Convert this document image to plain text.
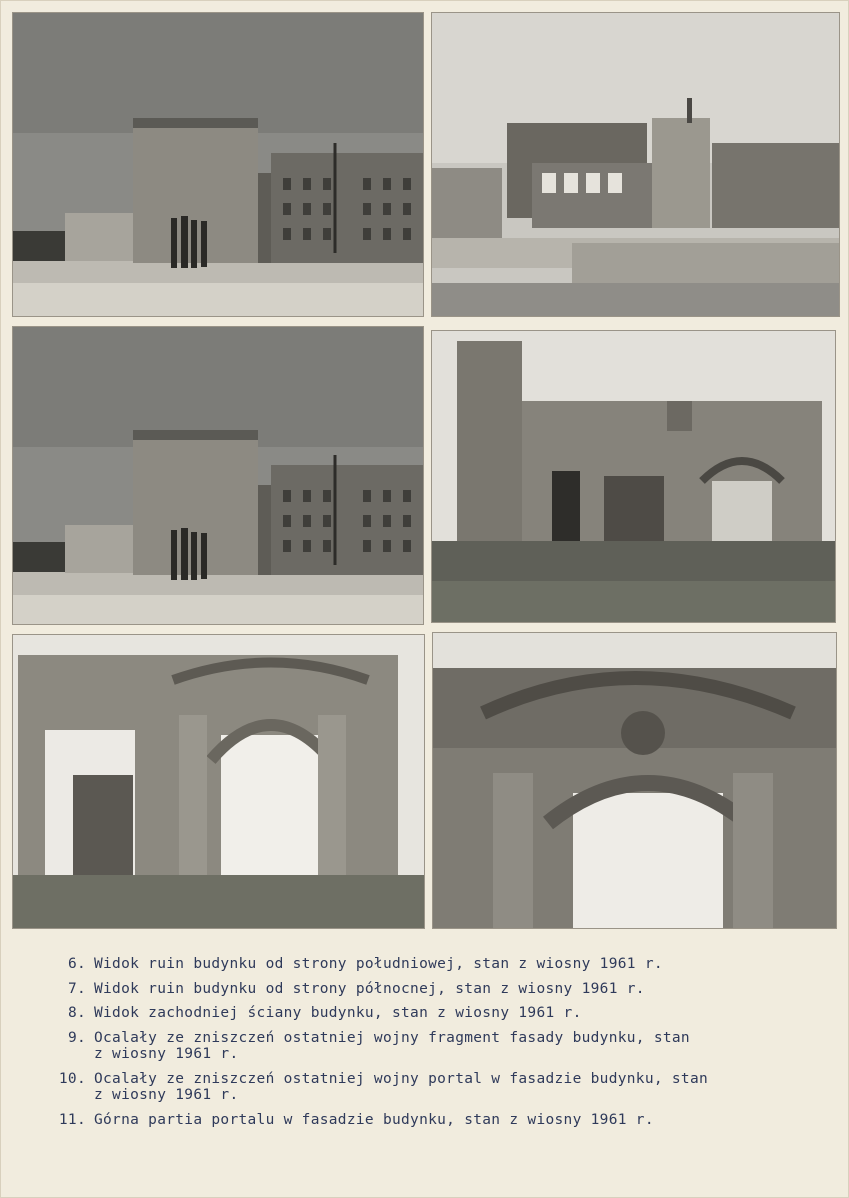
6. Widok ruin budynku od strony południowej, stan z wiosny 1961 r.
7. Widok ruin budynku od strony północnej, stan z wiosny 1961 r.
8. Widok zachodniej ściany budynku, stan z wiosny 1961 r.
9. Ocalały ze zniszczeń ostatniej wojny fragment fasady budynku, stan
z wiosny 1961 r.
10. Ocalały ze zniszczeń ostatniej wojny portal w fasadzie budynku, stan
z wiosny 1961 r.
11. Górna partia portalu w fasadzie budynku, stan z wiosny 1961 r.
